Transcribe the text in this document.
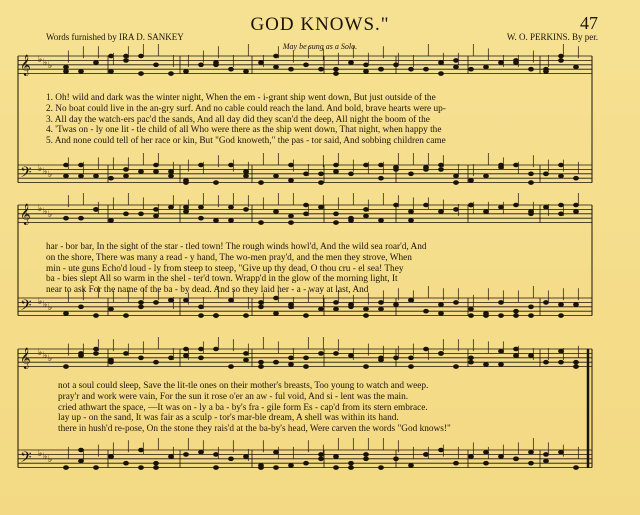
GOD KNOWS."	47
Words furnished by IRA D. SANKEY	W. O. PERKINS. By per.
May be sung as a Solo.
𝄞 ♭ ♭ ♭
𝄢 ♭ ♭ ♭
𝄞 ♭ ♭ ♭
𝄢 ♭ ♭ ♭
𝄞 ♭ ♭ ♭
𝄢 ♭ ♭ ♭
1. Oh! wild and dark was the winter night, When the em - i-grant ship went down, But just outside of the
2. No boat could live in the an-gry surf. And no cable could reach the land. And bold, brave hearts were up-
3. All day the watch-ers pac'd the sands, And all day did they scan'd the deep, All night the boom of the
4. 'Twas on - ly one lit - tle child of all Who were there as the ship went down, That night, when happy the
5. And none could tell of her race or kin, But "God knoweth," the pas - tor said, And sobbing children came
har - bor bar, In the sight of the star - tled town! The rough winds howl'd, And the wild sea roar'd, And
on the shore, There was many a read - y hand, The wo-men pray'd, and the men they strove, When
min - ute guns Echo'd loud - ly from steep to steep, "Give up thy dead, O thou cru - el sea! They
ba - bies slept All so warm in the shel - ter'd town. Wrapp'd in the glow of the morning light, It
near to ask For the name of the ba - by dead. And so they laid her - a - way at last, And
not a soul could sleep, Save the lit-tle ones on their mother's breasts, Too young to watch and weep.
pray'r and work were vain, For the sun it rose o'er an aw - ful void, And si - lent was the main.
cried athwart the space, —It was on - ly a ba - by's fra - gile form Es - cap'd from its stern embrace.
lay up - on the sand, It was fair as a sculp - tor's mar-ble dream, A shell was within its hand.
there in hush'd re-pose, On the stone they rais'd at the ba-by's head, Were carven the words "God knows!"
